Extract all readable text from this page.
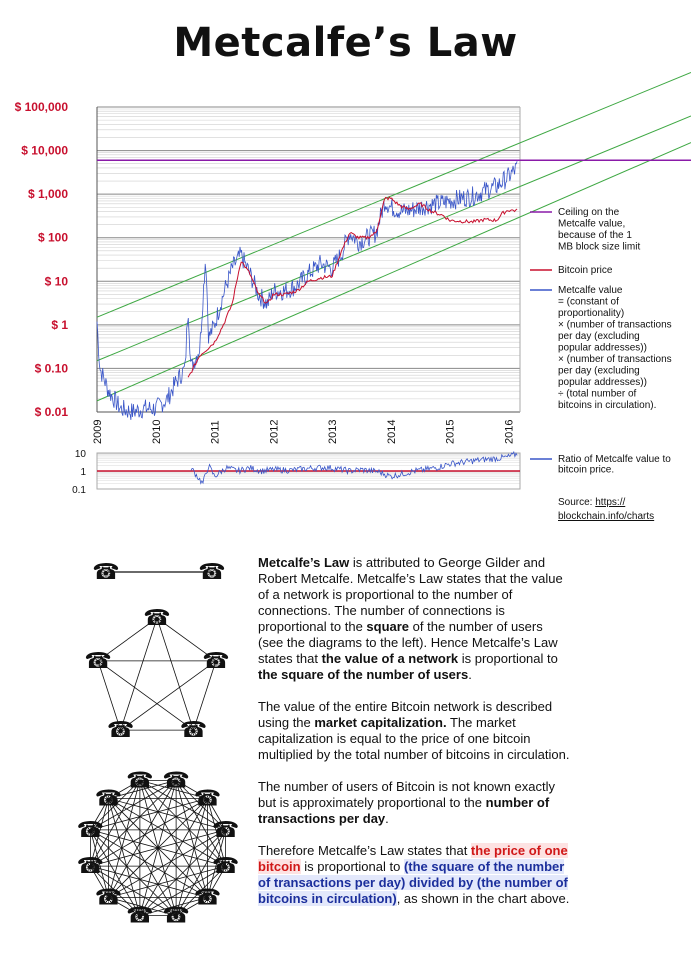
Metcalfe’s Law
$ 0.01
$ 0.10
$ 1
$ 10
$ 100
$ 1,000
$ 10,000
$ 100,000
2009	2010	2011	2012	2013	2014	2015	2016
Ceiling on the
Metcalfe value,
because of the 1
MB block size limit
Bitcoin price
Metcalfe value
= (constant of
proportionality)
× (number of transactions
per day (excluding
popular addresses))
× (number of transactions
per day (excluding
popular addresses))
÷ (total number of
bitcoins in circulation).
10
1
0.1
Ratio of Metcalfe value to
bitcoin price.
☎	☎
☎
☎
☎
☎
☎
☎
☎
☎
☎
☎
☎
☎
☎
☎
☎
☎
☎
Source: https://
blockchain.info/charts

Metcalfe’s Law is attributed to George Gilder and Robert Metcalfe. Metcalfe’s Law states that the value of a network is proportional to the number of connections. The number of connections is proportional to the square of the number of users (see the diagrams to the left). Hence Metcalfe’s Law states that the value of a network is proportional to the square of the number of users.

The value of the entire Bitcoin network is described using the market capitalization. The market capitalization is equal to the price of one bitcoin multiplied by the total number of bitcoins in circulation.

The number of users of Bitcoin is not known exactly but is approximately proportional to the number of transactions per day.

Therefore Metcalfe’s Law states that the price of one bitcoin is proportional to (the square of the number of transactions per day) divided by (the number of bitcoins in circulation), as shown in the chart above.
